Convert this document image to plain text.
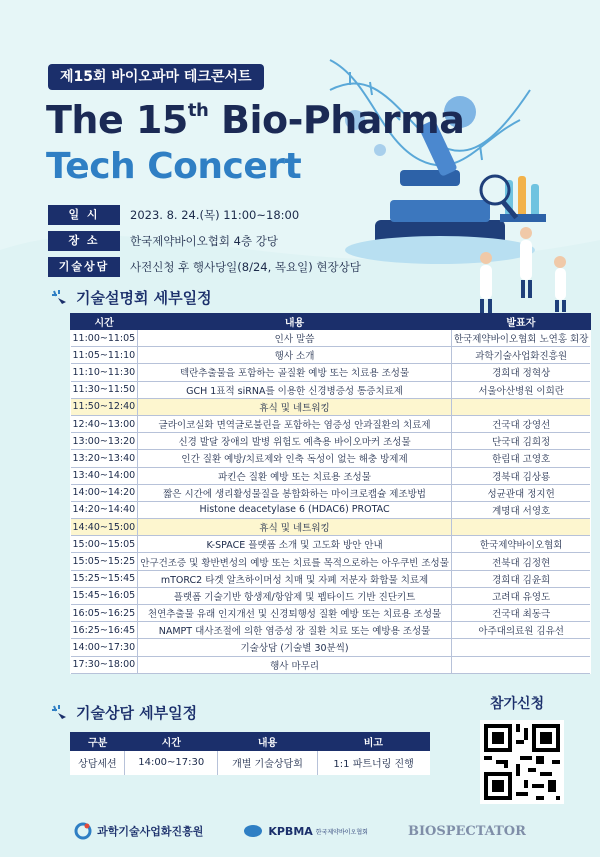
제15회 바이오파마 테크콘서트
The 15th Bio-Pharma
Tech Concert
일 시	2023. 8. 24.(목) 11:00~18:00
장 소	한국제약바이오협회 4층 강당
기술상담	사전신청 후 행사당일(8/24, 목요일) 현장상담
기술설명회 세부일정
시간	내용	발표자
11:00~11:05	인사 말씀	한국제약바이오협회 노연홍 회장
11:05~11:10	행사 소개	과학기술사업화진흥원
11:10~11:30	텍란추출물을 포함하는 골질환 예방 또는 치료용 조성물	경희대 정혁상
11:30~11:50	GCH 1표적 siRNA를 이용한 신경병증성 통증치료제	서울아산병원 이희란
11:50~12:40	휴식 및 네트워킹	
12:40~13:00	글라이코실화 면역글로불린을 포함하는 염증성 안과질환의 치료제	건국대 강영선
13:00~13:20	신경 발달 장애의 발병 위험도 예측용 바이오마커 조성물	단국대 김희정
13:20~13:40	인간 질환 예방/치료제와 인축 독성이 없는 해충 방제제	한림대 고영호
13:40~14:00	파킨슨 질환 예방 또는 치료용 조성물	경북대 김상룡
14:00~14:20	짧은 시간에 생리활성물질을 봉합화하는 마이크로캡슐 제조방법	성균관대 정지헌
14:20~14:40	Histone deacetylase 6 (HDAC6) PROTAC	계명대 서영호
14:40~15:00	휴식 및 네트워킹	
15:00~15:05	K-SPACE 플랫폼 소개 및 고도화 방안 안내	한국제약바이오협회
15:05~15:25	안구건조증 및 황반변성의 예방 또는 치료를 목적으로하는 아우쿠빈 조성물	전북대 김정현
15:25~15:45	mTORC2 타겟 알츠하이머성 치매 및 자폐 저분자 화합물 치료제	경희대 김윤희
15:45~16:05	플랫폼 기술기반 항생제/항암제 및 펩타이드 기반 진단키트	고려대 유영도
16:05~16:25	천연추출물 유래 인지개선 및 신경퇴행성 질환 예방 또는 치료용 조성물	건국대 최동극
16:25~16:45	NAMPT 대사조절에 의한 염증성 장 질환 치료 또는 예방용 조성물	아주대의료원 김유선
14:00~17:30	기술상담 (기술별 30분씩)	
17:30~18:00	행사 마무리	
기술상담 세부일정
구분	시간	내용	비고
상담세션	14:00~17:30	개별 기술상담회	1:1 파트너링 진행
참가신청
과학기술사업화진흥원	KPBMA 한국제약바이오협회	BIOSPECTATOR
